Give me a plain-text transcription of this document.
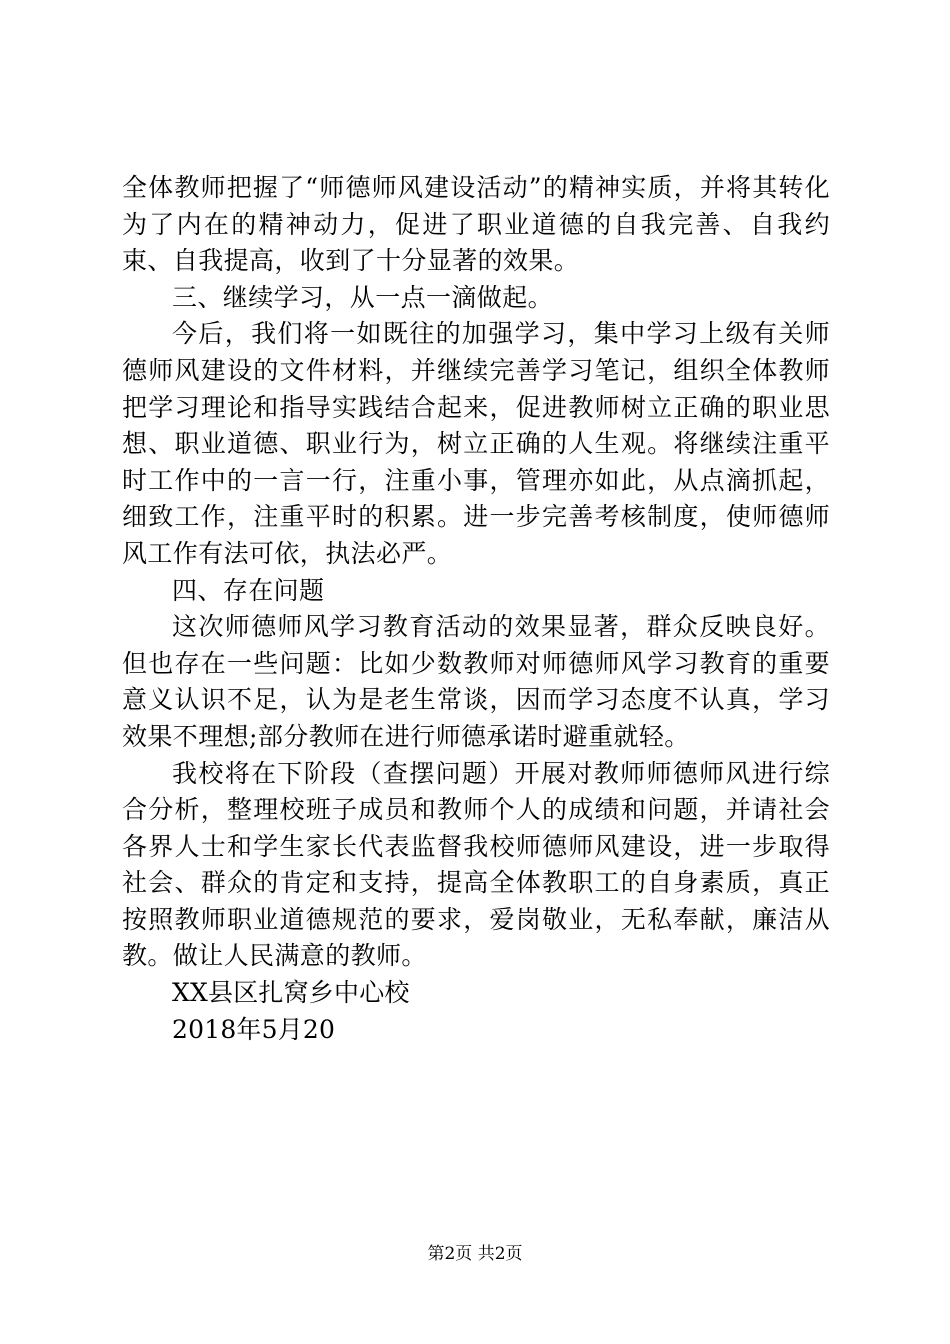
全体教师把握了“师德师风建设活动”的精神实质，并将其转化为了内在的精神动力，促进了职业道德的自我完善、自我约束、自我提高，收到了十分显著的效果。

三、继续学习，从一点一滴做起。

今后，我们将一如既往的加强学习，集中学习上级有关师德师风建设的文件材料，并继续完善学习笔记，组织全体教师把学习理论和指导实践结合起来，促进教师树立正确的职业思想、职业道德、职业行为，树立正确的人生观。将继续注重平时工作中的一言一行，注重小事，管理亦如此，从点滴抓起，细致工作，注重平时的积累。进一步完善考核制度，使师德师风工作有法可依，执法必严。

四、存在问题

这次师德师风学习教育活动的效果显著，群众反映良好。但也存在一些问题：比如少数教师对师德师风学习教育的重要意义认识不足，认为是老生常谈，因而学习态度不认真，学习效果不理想;部分教师在进行师德承诺时避重就轻。

我校将在下阶段（查摆问题）开展对教师师德师风进行综合分析，整理校班子成员和教师个人的成绩和问题，并请社会各界人士和学生家长代表监督我校师德师风建设，进一步取得社会、群众的肯定和支持，提高全体教职工的自身素质，真正按照教师职业道德规范的要求，爱岗敬业，无私奉献，廉洁从教。做让人民满意的教师。

XX县区扎窝乡中心校

2018年5月20

第2页 共2页
